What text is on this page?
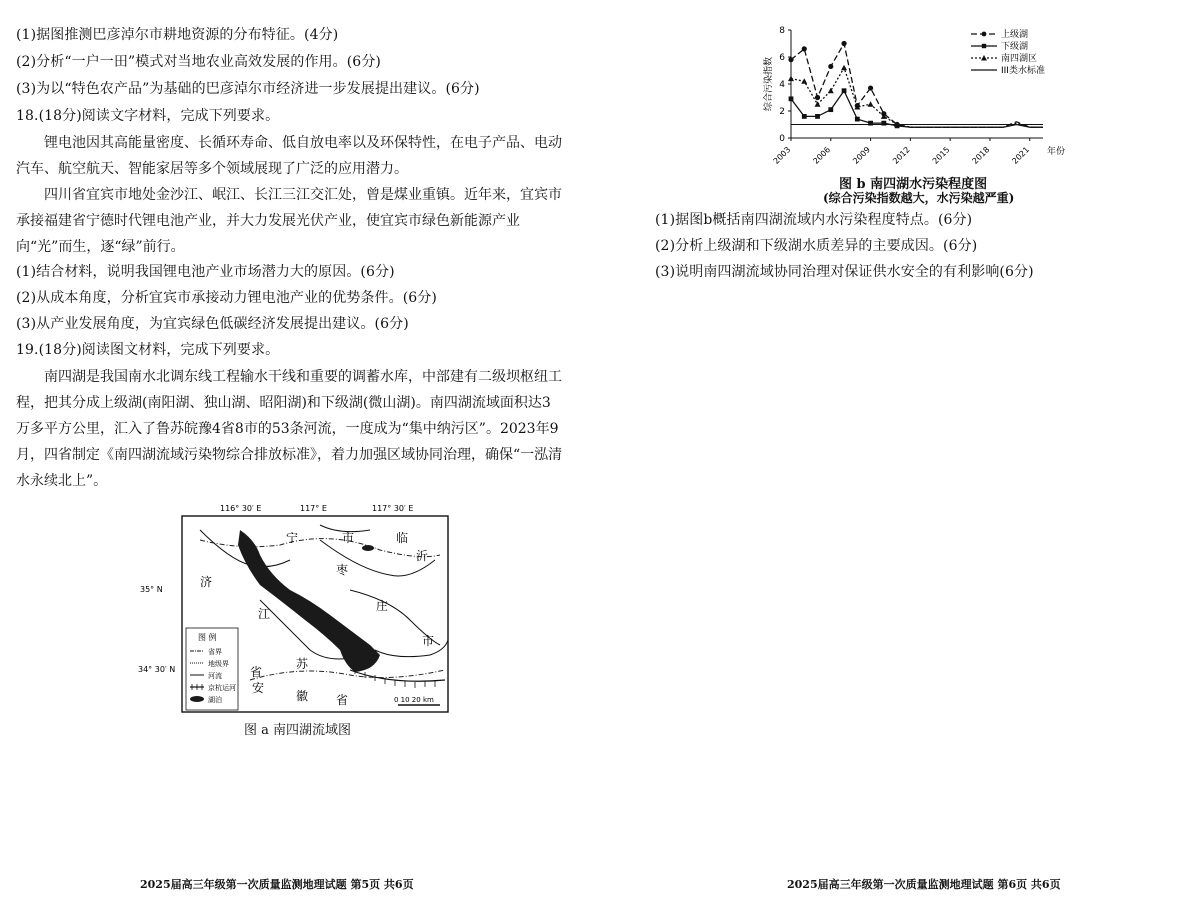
(1)据图推测巴彦淖尔市耕地资源的分布特征。(4分)
(2)分析“一户一田”模式对当地农业高效发展的作用。(6分)
(3)为以“特色农产品”为基础的巴彦淖尔市经济进一步发展提出建议。(6分)
18.(18分)阅读文字材料，完成下列要求。
锂电池因其高能量密度、长循环寿命、低自放电率以及环保特性，在电子产品、电动汽车、航空航天、智能家居等多个领域展现了广泛的应用潜力。
四川省宜宾市地处金沙江、岷江、长江三江交汇处，曾是煤业重镇。近年来，宜宾市承接福建省宁德时代锂电池产业，并大力发展光伏产业，使宜宾市绿色新能源产业向“光”而生，逐“绿”前行。
(1)结合材料，说明我国锂电池产业市场潜力大的原因。(6分)
(2)从成本角度，分析宜宾市承接动力锂电池产业的优势条件。(6分)
(3)从产业发展角度，为宜宾绿色低碳经济发展提出建议。(6分)
19.(18分)阅读图文材料，完成下列要求。
南四湖是我国南水北调东线工程输水干线和重要的调蓄水库，中部建有二级坝枢纽工程，把其分成上级湖(南阳湖、独山湖、昭阳湖)和下级湖(微山湖)。南四湖流域面积达3万多平方公里，汇入了鲁苏皖豫4省8市的53条河流，一度成为“集中纳污区”。2023年9月，四省制定《南四湖流域污染物综合排放标准》，着力加强区域协同治理，确保“一泓清水永续北上”。
116° 30′ E	117° E	117° 30′ E
35° N
34° 30′ N
宁	市	临
沂
济
枣
庄
江
市
苏
安
徽 省
省
图 例
省界
地级界
河流
京杭运河
湖泊	0 10 20 km
图 a 南四湖流域图
2025届高三年级第一次质量监测地理试题 第5页 共6页
0
2
4
6
8
2003 2006 2009 2012 2015 2018 2021 年份
综合污染指数
上级湖
下级湖
南四湖区
III类水标准
图 b 南四湖水污染程度图
(综合污染指数越大，水污染越严重)
(1)据图b概括南四湖流域内水污染程度特点。(6分)
(2)分析上级湖和下级湖水质差异的主要成因。(6分)
(3)说明南四湖流域协同治理对保证供水安全的有利影响(6分)
2025届高三年级第一次质量监测地理试题 第6页 共6页
